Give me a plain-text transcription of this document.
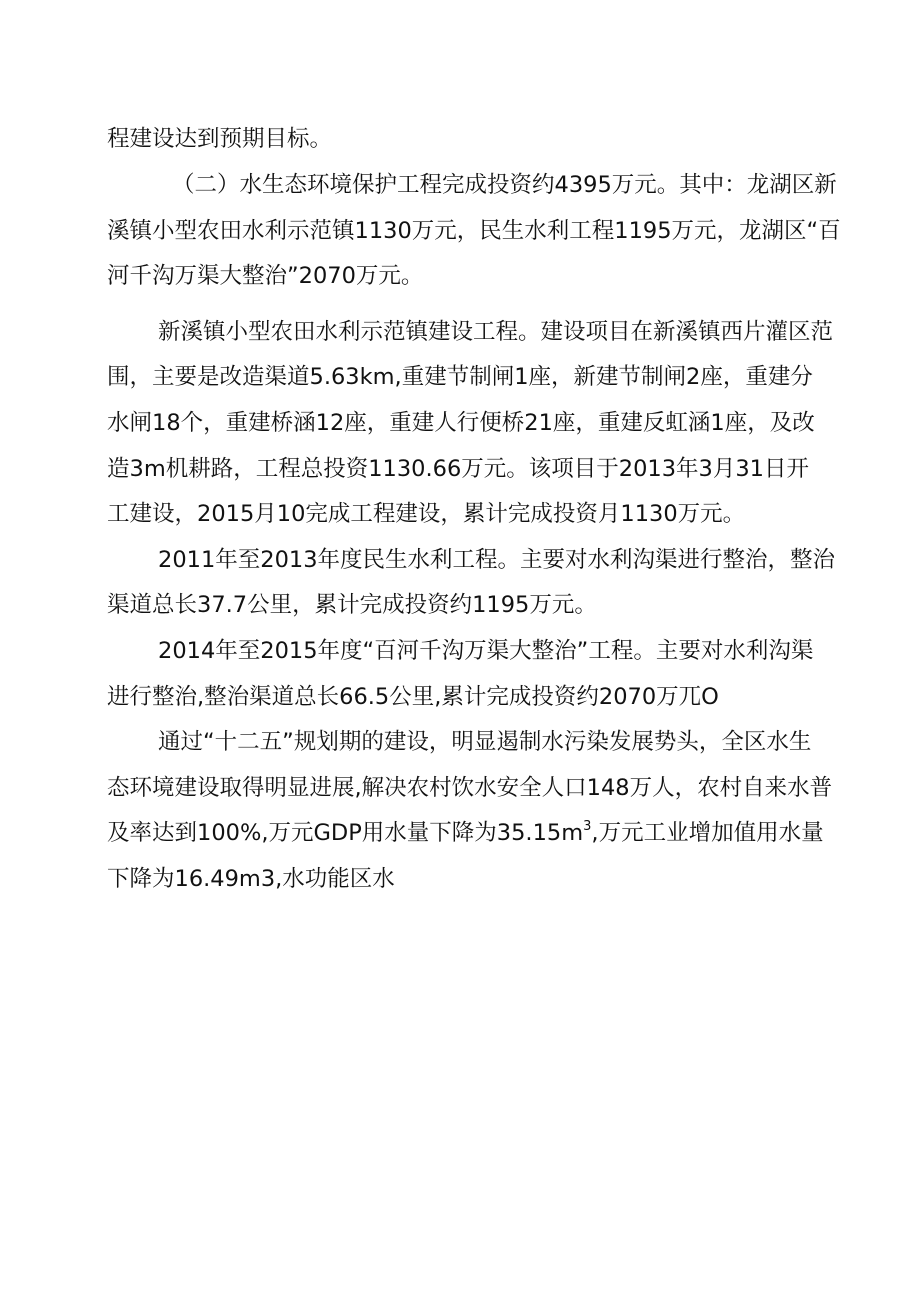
程建设达到预期目标。
（二）水生态环境保护工程完成投资约4395万元。其中：龙湖区新
溪镇小型农田水利示范镇1130万元，民生水利工程1195万元，龙湖区“百
河千沟万渠大整治”2070万元。
新溪镇小型农田水利示范镇建设工程。建设项目在新溪镇西片灌区范
围，主要是改造渠道5.63km,重建节制闸1座，新建节制闸2座，重建分
水闸18个，重建桥涵12座，重建人行便桥21座，重建反虹涵1座，及改
造3m机耕路，工程总投资1130.66万元。该项目于2013年3月31日开
工建设，2015月10完成工程建设，累计完成投资月1130万元。
2011年至2013年度民生水利工程。主要对水利沟渠进行整治，整治
渠道总长37.7公里，累计完成投资约1195万元。
2014年至2015年度“百河千沟万渠大整治”工程。主要对水利沟渠
进行整治,整治渠道总长66.5公里,累计完成投资约2070万兀O
通过“十二五”规划期的建设，明显遏制水污染发展势头，全区水生
态环境建设取得明显进展,解决农村饮水安全人口148万人，农村自来水普
及率达到100%,万元GDP用水量下降为$35.15m^3$,万元工业增加值用水量
下降为16.49m3,水功能区水
